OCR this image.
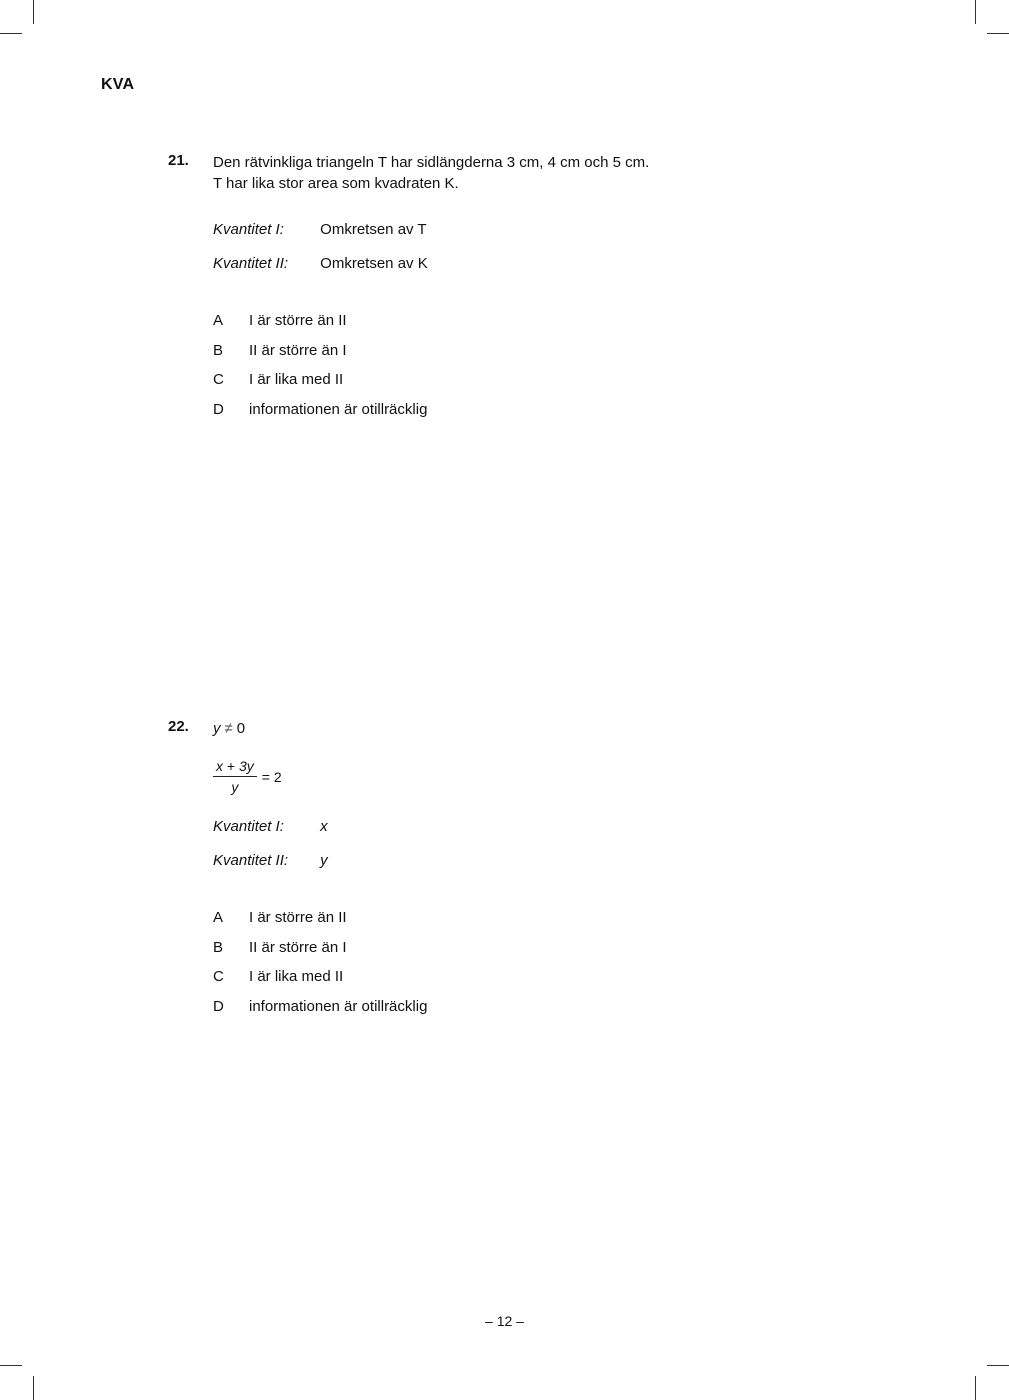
KVA
21. Den rätvinkliga triangeln T har sidlängderna 3 cm, 4 cm och 5 cm.
T har lika stor area som kvadraten K.
Kvantitet I: Omkretsen av T
Kvantitet II: Omkretsen av K
A I är större än II
B II är större än I
C I är lika med II
D informationen är otillräcklig
22. y ≠ 0
$\frac{x + 3y}{y} = 2$
Kvantitet I: x
Kvantitet II: y
A I är större än II
B II är större än I
C I är lika med II
D informationen är otillräcklig
– 12 –
